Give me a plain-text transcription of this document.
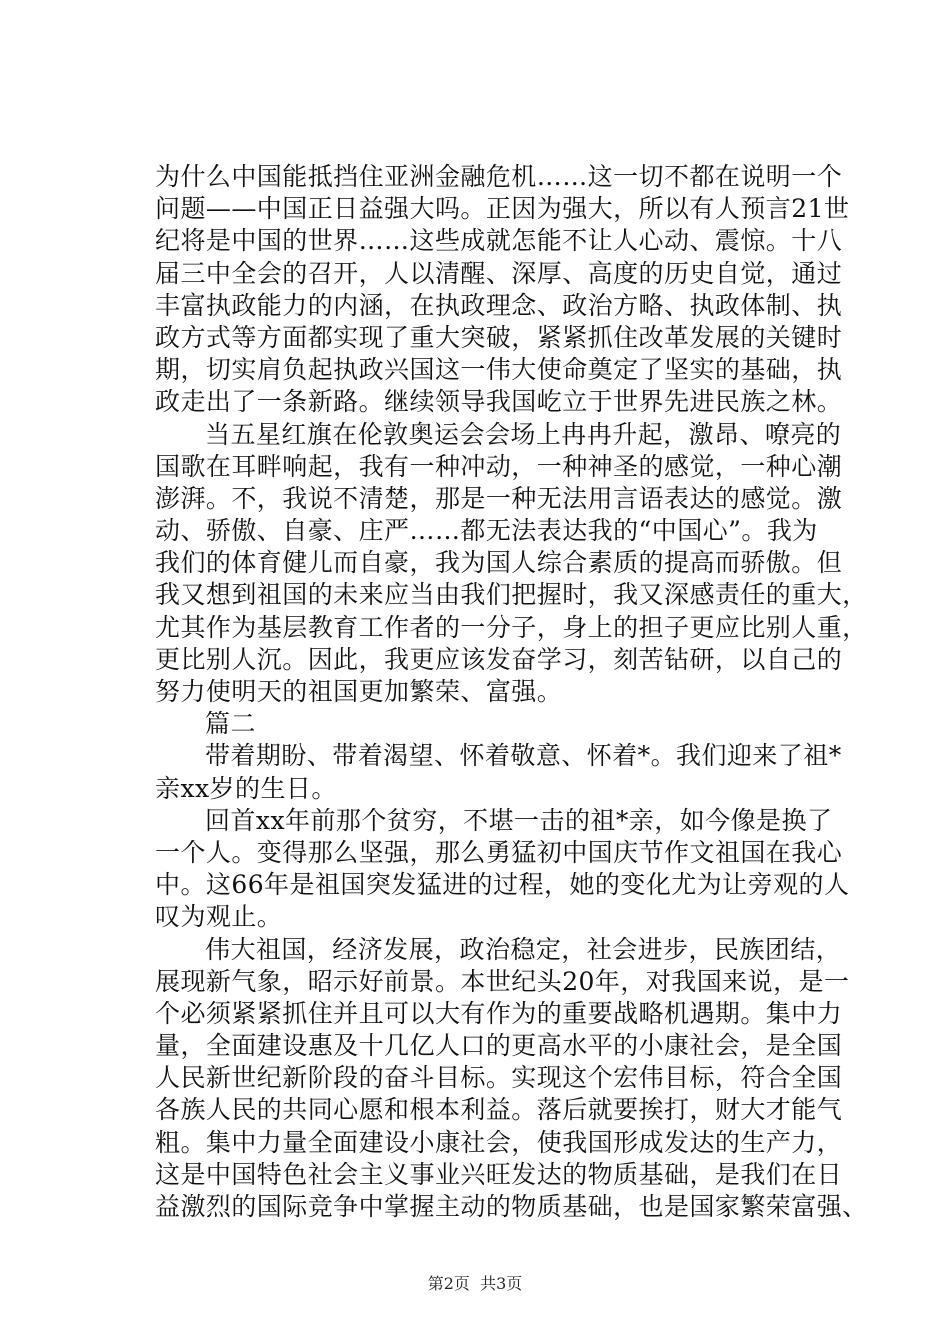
为什么中国能抵挡住亚洲金融危机……这一切不都在说明一个
问题——中国正日益强大吗。正因为强大，所以有人预言21世
纪将是中国的世界……这些成就怎能不让人心动、震惊。十八
届三中全会的召开，人以清醒、深厚、高度的历史自觉，通过
丰富执政能力的内涵，在执政理念、政治方略、执政体制、执
政方式等方面都实现了重大突破，紧紧抓住改革发展的关键时
期，切实肩负起执政兴国这一伟大使命奠定了坚实的基础，执
政走出了一条新路。继续领导我国屹立于世界先进民族之林。
当五星红旗在伦敦奥运会会场上冉冉升起，激昂、嘹亮的
国歌在耳畔响起，我有一种冲动，一种神圣的感觉，一种心潮
澎湃。不，我说不清楚，那是一种无法用言语表达的感觉。激
动、骄傲、自豪、庄严……都无法表达我的“中国心”。我为
我们的体育健儿而自豪，我为国人综合素质的提高而骄傲。但
我又想到祖国的未来应当由我们把握时，我又深感责任的重大，
尤其作为基层教育工作者的一分子，身上的担子更应比别人重，
更比别人沉。因此，我更应该发奋学习，刻苦钻研，以自己的
努力使明天的祖国更加繁荣、富强。
篇二
带着期盼、带着渴望、怀着敬意、怀着*。我们迎来了祖*
亲xx岁的生日。
回首xx年前那个贫穷，不堪一击的祖*亲，如今像是换了
一个人。变得那么坚强，那么勇猛初中国庆节作文祖国在我心
中。这66年是祖国突发猛进的过程，她的变化尤为让旁观的人
叹为观止。
伟大祖国，经济发展，政治稳定，社会进步，民族团结，
展现新气象，昭示好前景。本世纪头20年，对我国来说，是一
个必须紧紧抓住并且可以大有作为的重要战略机遇期。集中力
量，全面建设惠及十几亿人口的更高水平的小康社会，是全国
人民新世纪新阶段的奋斗目标。实现这个宏伟目标，符合全国
各族人民的共同心愿和根本利益。落后就要挨打，财大才能气
粗。集中力量全面建设小康社会，使我国形成发达的生产力，
这是中国特色社会主义事业兴旺发达的物质基础，是我们在日
益激烈的国际竞争中掌握主动的物质基础，也是国家繁荣富强、
第2页  共3页
